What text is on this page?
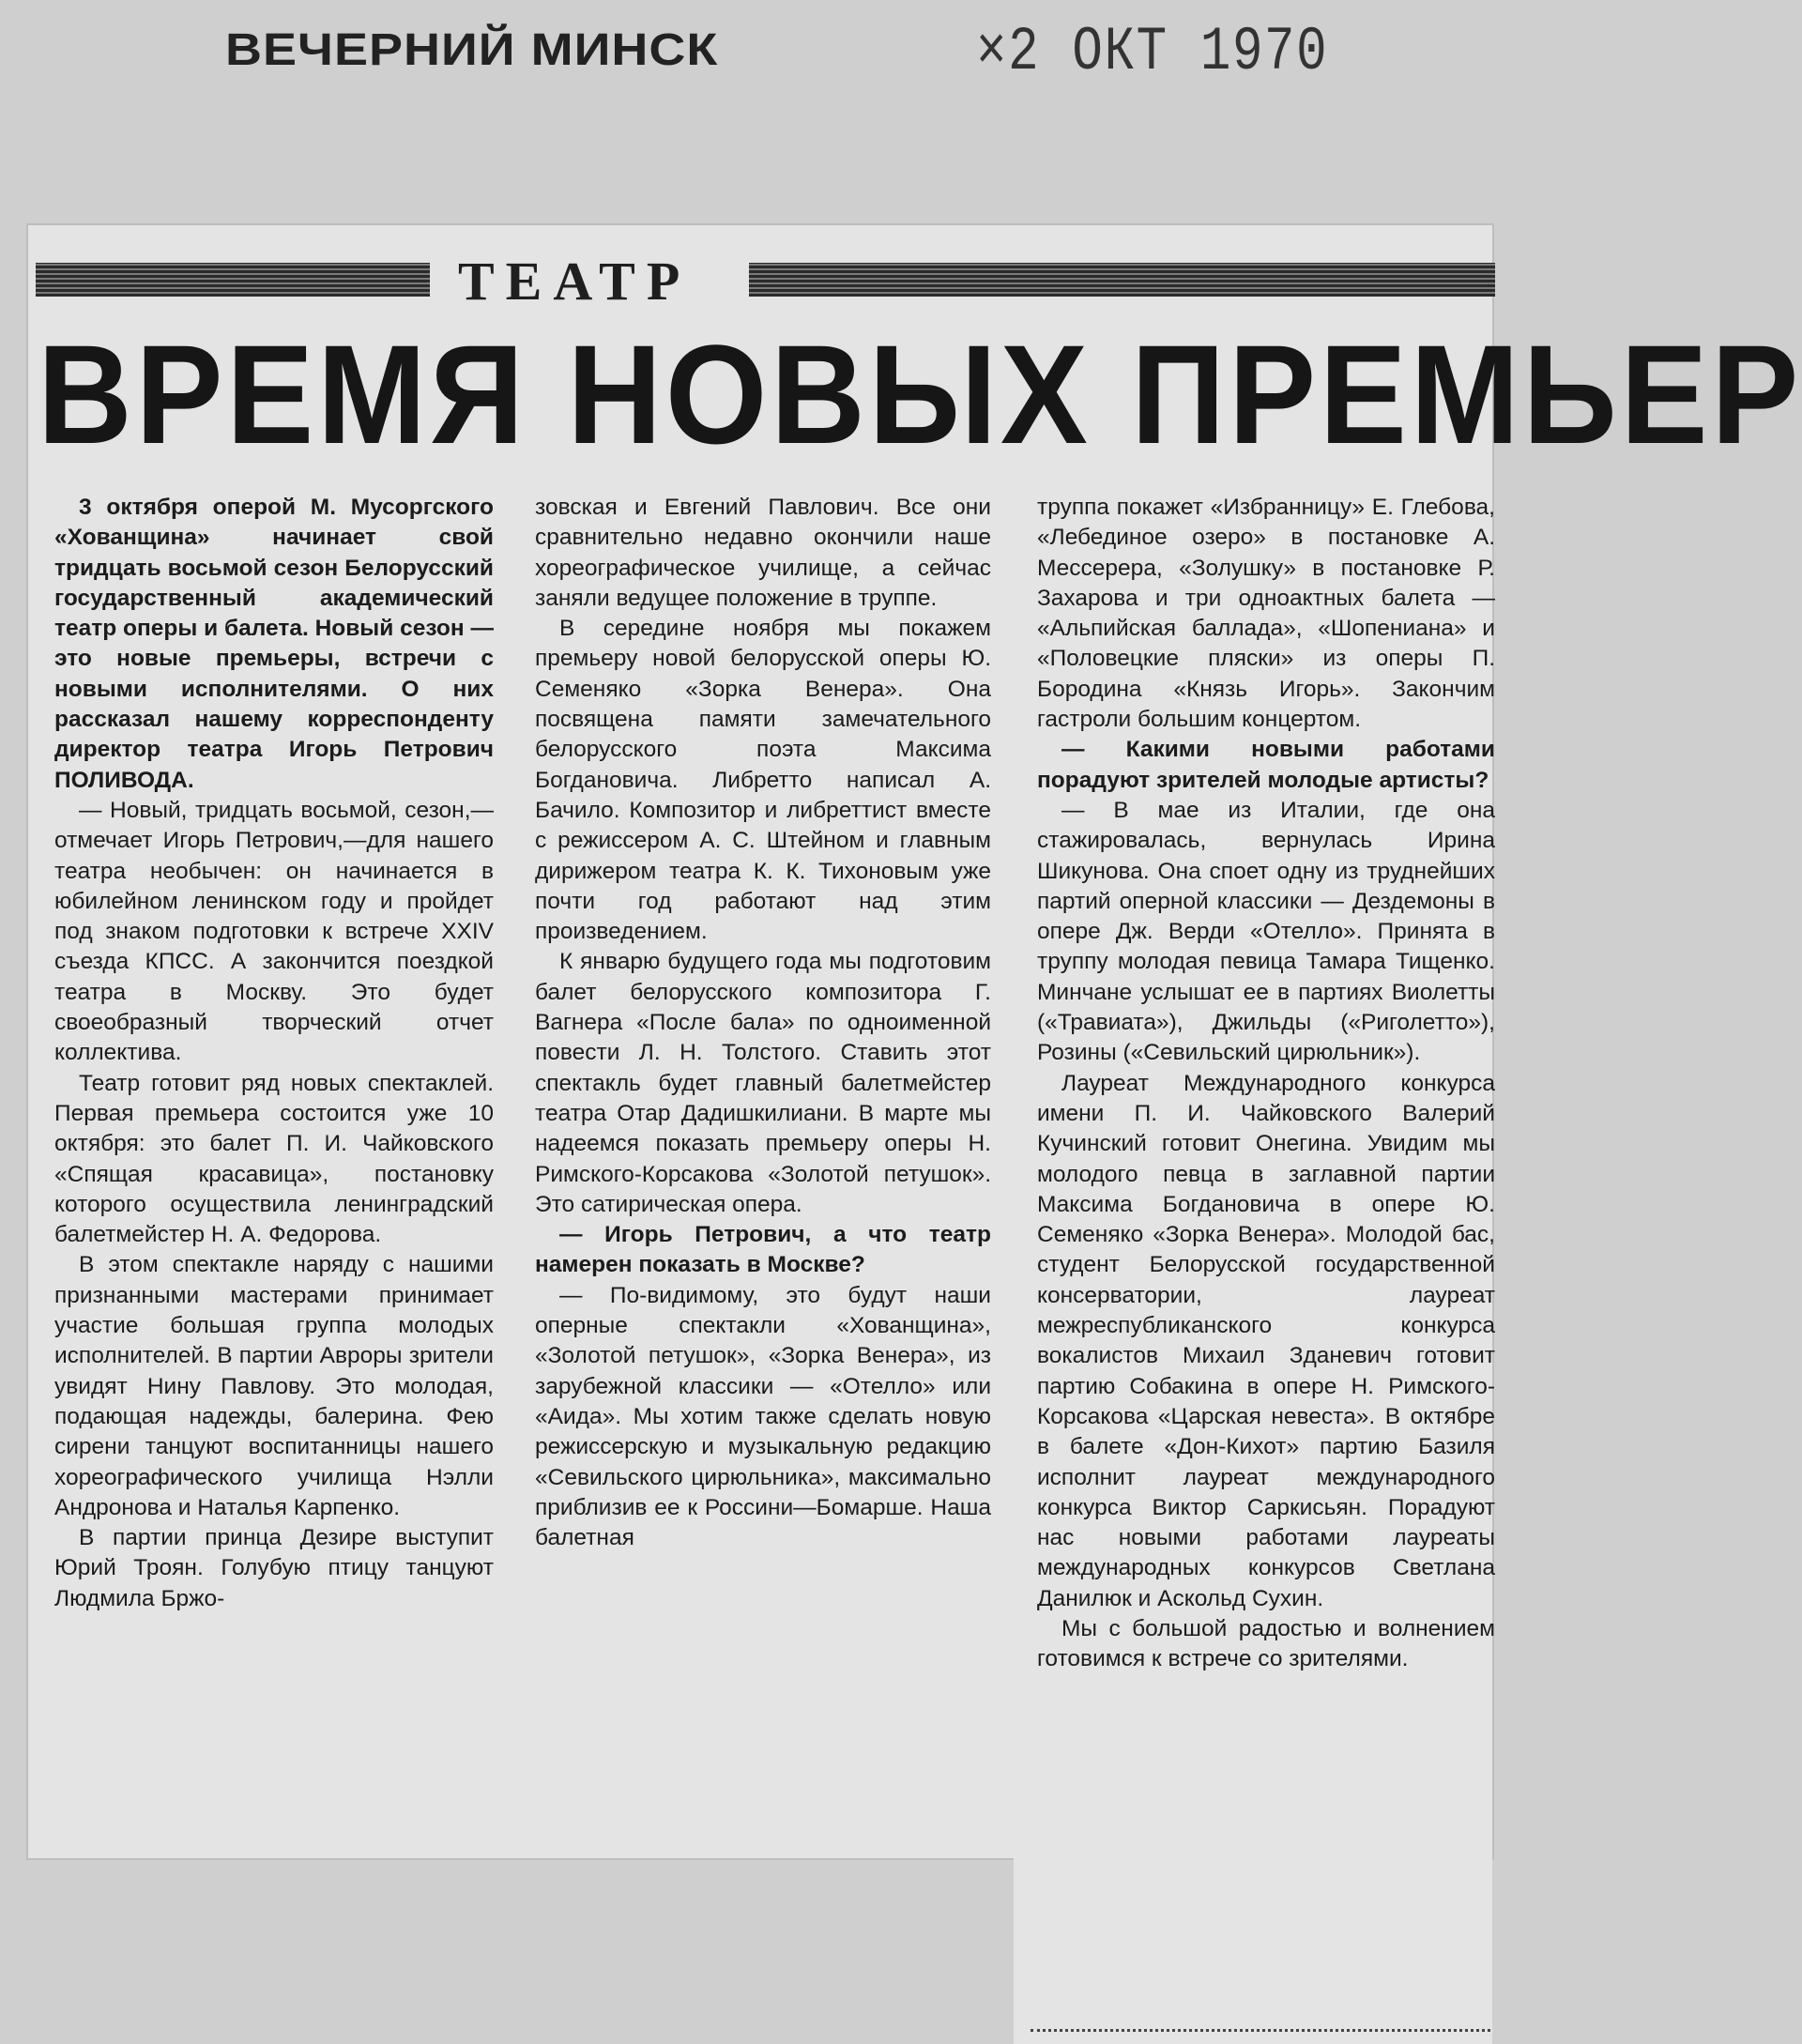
ВЕЧЕРНИЙ МИНСК	×2 ОКТ 1970
ТЕАТР
ВРЕМЯ НОВЫХ ПРЕМЬЕР

3 октября оперой М. Мусоргского «Хованщина» начинает свой тридцать восьмой сезон Белорусский государственный академический театр оперы и балета. Новый сезон — это новые премьеры, встречи с новыми исполнителями. О них рассказал нашему корреспонденту директор театра Игорь Петрович ПОЛИВОДА.

— Новый, тридцать восьмой, сезон,—отмечает Игорь Петрович,—для нашего театра необычен: он начинается в юбилейном ленинском году и пройдет под знаком подготовки к встрече XXIV съезда КПСС. А закончится поездкой театра в Москву. Это будет своеобразный творческий отчет коллектива.

Театр готовит ряд новых спектаклей. Первая премьера состоится уже 10 октября: это балет П. И. Чайковского «Спящая красавица», постановку которого осуществила ленинградский балетмейстер Н. А. Федорова.

В этом спектакле наряду с нашими признанными мастерами принимает участие большая группа молодых исполнителей. В партии Авроры зрители увидят Нину Павлову. Это молодая, подающая надежды, балерина. Фею сирени танцуют воспитанницы нашего хореографического училища Нэлли Андронова и Наталья Карпенко.

В партии принца Дезире выступит Юрий Троян. Голубую птицу танцуют Людмила Бржо-

зовская и Евгений Павлович. Все они сравнительно недавно окончили наше хореографическое училище, а сейчас заняли ведущее положение в труппе.

В середине ноября мы покажем премьеру новой белорусской оперы Ю. Семеняко «Зорка Венера». Она посвящена памяти замечательного белорусского поэта Максима Богдановича. Либретто написал А. Бачило. Композитор и либреттист вместе с режиссером А. С. Штейном и главным дирижером театра К. К. Тихоновым уже почти год работают над этим произведением.

К январю будущего года мы подготовим балет белорусского композитора Г. Вагнера «После бала» по одноименной повести Л. Н. Толстого. Ставить этот спектакль будет главный балетмейстер театра Отар Дадишкилиани. В марте мы надеемся показать премьеру оперы Н. Римского-Корсакова «Золотой петушок». Это сатирическая опера.

— Игорь Петрович, а что театр намерен показать в Москве?

— По-видимому, это будут наши оперные спектакли «Хованщина», «Золотой петушок», «Зорка Венера», из зарубежной классики — «Отелло» или «Аида». Мы хотим также сделать новую режиссерскую и музыкальную редакцию «Севильского цирюльника», максимально приблизив ее к Россини—Бомарше. Наша балетная

труппа покажет «Избранницу» Е. Глебова, «Лебединое озеро» в постановке А. Мессерера, «Золушку» в постановке Р. Захарова и три одноактных балета — «Альпийская баллада», «Шопениана» и «Половецкие пляски» из оперы П. Бородина «Князь Игорь». Закончим гастроли большим концертом.

— Какими новыми работами порадуют зрителей молодые артисты?

— В мае из Италии, где она стажировалась, вернулась Ирина Шикунова. Она споет одну из труднейших партий оперной классики — Дездемоны в опере Дж. Верди «Отелло». Принята в труппу молодая певица Тамара Тищенко. Минчане услышат ее в партиях Виолетты («Травиата»), Джильды («Риголетто»), Розины («Севильский цирюльник»).

Лауреат Международного конкурса имени П. И. Чайковского Валерий Кучинский готовит Онегина. Увидим мы молодого певца в заглавной партии Максима Богдановича в опере Ю. Семеняко «Зорка Венера». Молодой бас, студент Белорусской государственной консерватории, лауреат межреспубликанского конкурса вокалистов Михаил Зданевич готовит партию Собакина в опере Н. Римского-Корсакова «Царская невеста». В октябре в балете «Дон-Кихот» партию Базиля исполнит лауреат международного конкурса Виктор Саркисьян. Порадуют нас новыми работами лауреаты международных конкурсов Светлана Данилюк и Аскольд Сухин.

Мы с большой радостью и волнением готовимся к встрече со зрителями.
